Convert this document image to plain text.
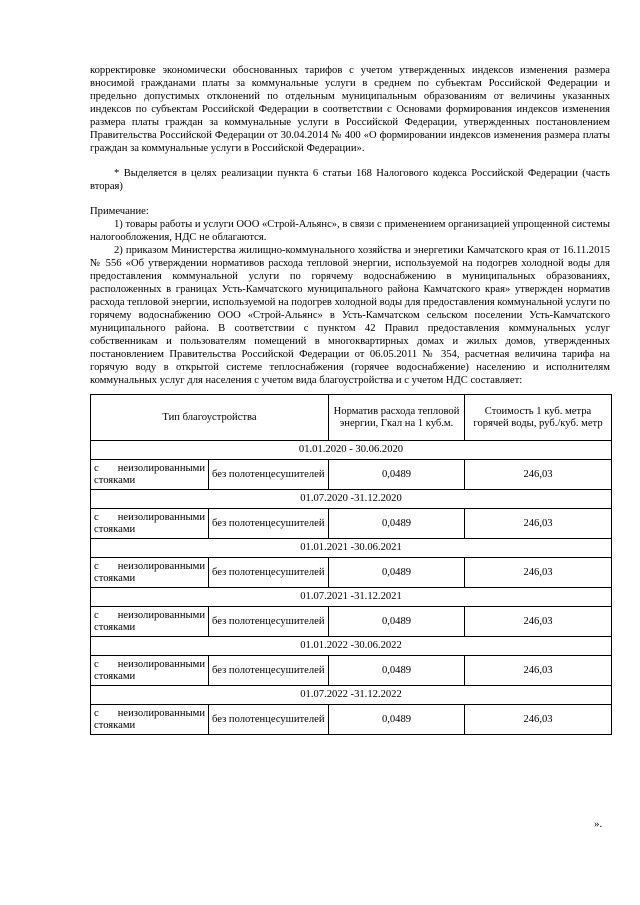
корректировке экономически обоснованных тарифов с учетом утвержденных индексов изменения размера вносимой гражданами платы за коммунальные услуги в среднем по субъектам Российской Федерации и предельно допустимых отклонений по отдельным муниципальным образованиям от величины указанных индексов по субъектам Российской Федерации в соответствии с Основами формирования индексов изменения размера платы граждан за коммунальные услуги в Российской Федерации, утвержденных постановлением Правительства Российской Федерации от 30.04.2014 № 400 «О формировании индексов изменения размера платы граждан за коммунальные услуги в Российской Федерации».

* Выделяется в целях реализации пункта 6 статьи 168 Налогового кодекса Российской Федерации (часть вторая)

Примечание:

1) товары работы и услуги ООО «Строй-Альянс», в связи с применением организацией упрощенной системы налогообложения, НДС не облагаются.

2) приказом Министерства жилищно-коммунального хозяйства и энергетики Камчатского края от 16.11.2015 № 556 «Об утверждении нормативов расхода тепловой энергии, используемой на подогрев холодной воды для предоставления коммунальной услуги по горячему водоснабжению в муниципальных образованиях, расположенных в границах Усть-Камчатского муниципального района Камчатского края» утвержден норматив расхода тепловой энергии, используемой на подогрев холодной воды для предоставления коммунальной услуги по горячему водоснабжению ООО «Строй-Альянс» в Усть-Камчатском сельском поселении Усть-Камчатского муниципального района. В соответствии с пунктом 42 Правил предоставления коммунальных услуг собственникам и пользователям помещений в многоквартирных домах и жилых домов, утвержденных постановлением Правительства Российской Федерации от 06.05.2011 № 354, расчетная величина тарифа на горячую воду в открытой системе теплоснабжения (горячее водоснабжение) населению и исполнителям коммунальных услуг для населения с учетом вида благоустройства и с учетом НДС составляет:

Тип благоустройства		Норматив расхода тепловой энергии, Гкал на 1 куб.м.	Стоимость 1 куб. метра горячей воды, руб./куб. метр
01.01.2020 - 30.06.2020			
с неизолированными стояками	без полотенцесушителей	0,0489	246,03
01.07.2020 -31.12.2020			
с неизолированными стояками	без полотенцесушителей	0,0489	246,03
01.01.2021 -30.06.2021			
с неизолированными стояками	без полотенцесушителей	0,0489	246,03
01.07.2021 -31.12.2021			
с неизолированными стояками	без полотенцесушителей	0,0489	246,03
01.01.2022 -30.06.2022			
с неизолированными стояками	без полотенцесушителей	0,0489	246,03
01.07.2022 -31.12.2022			
с неизолированными стояками	без полотенцесушителей	0,0489	246,03
».
